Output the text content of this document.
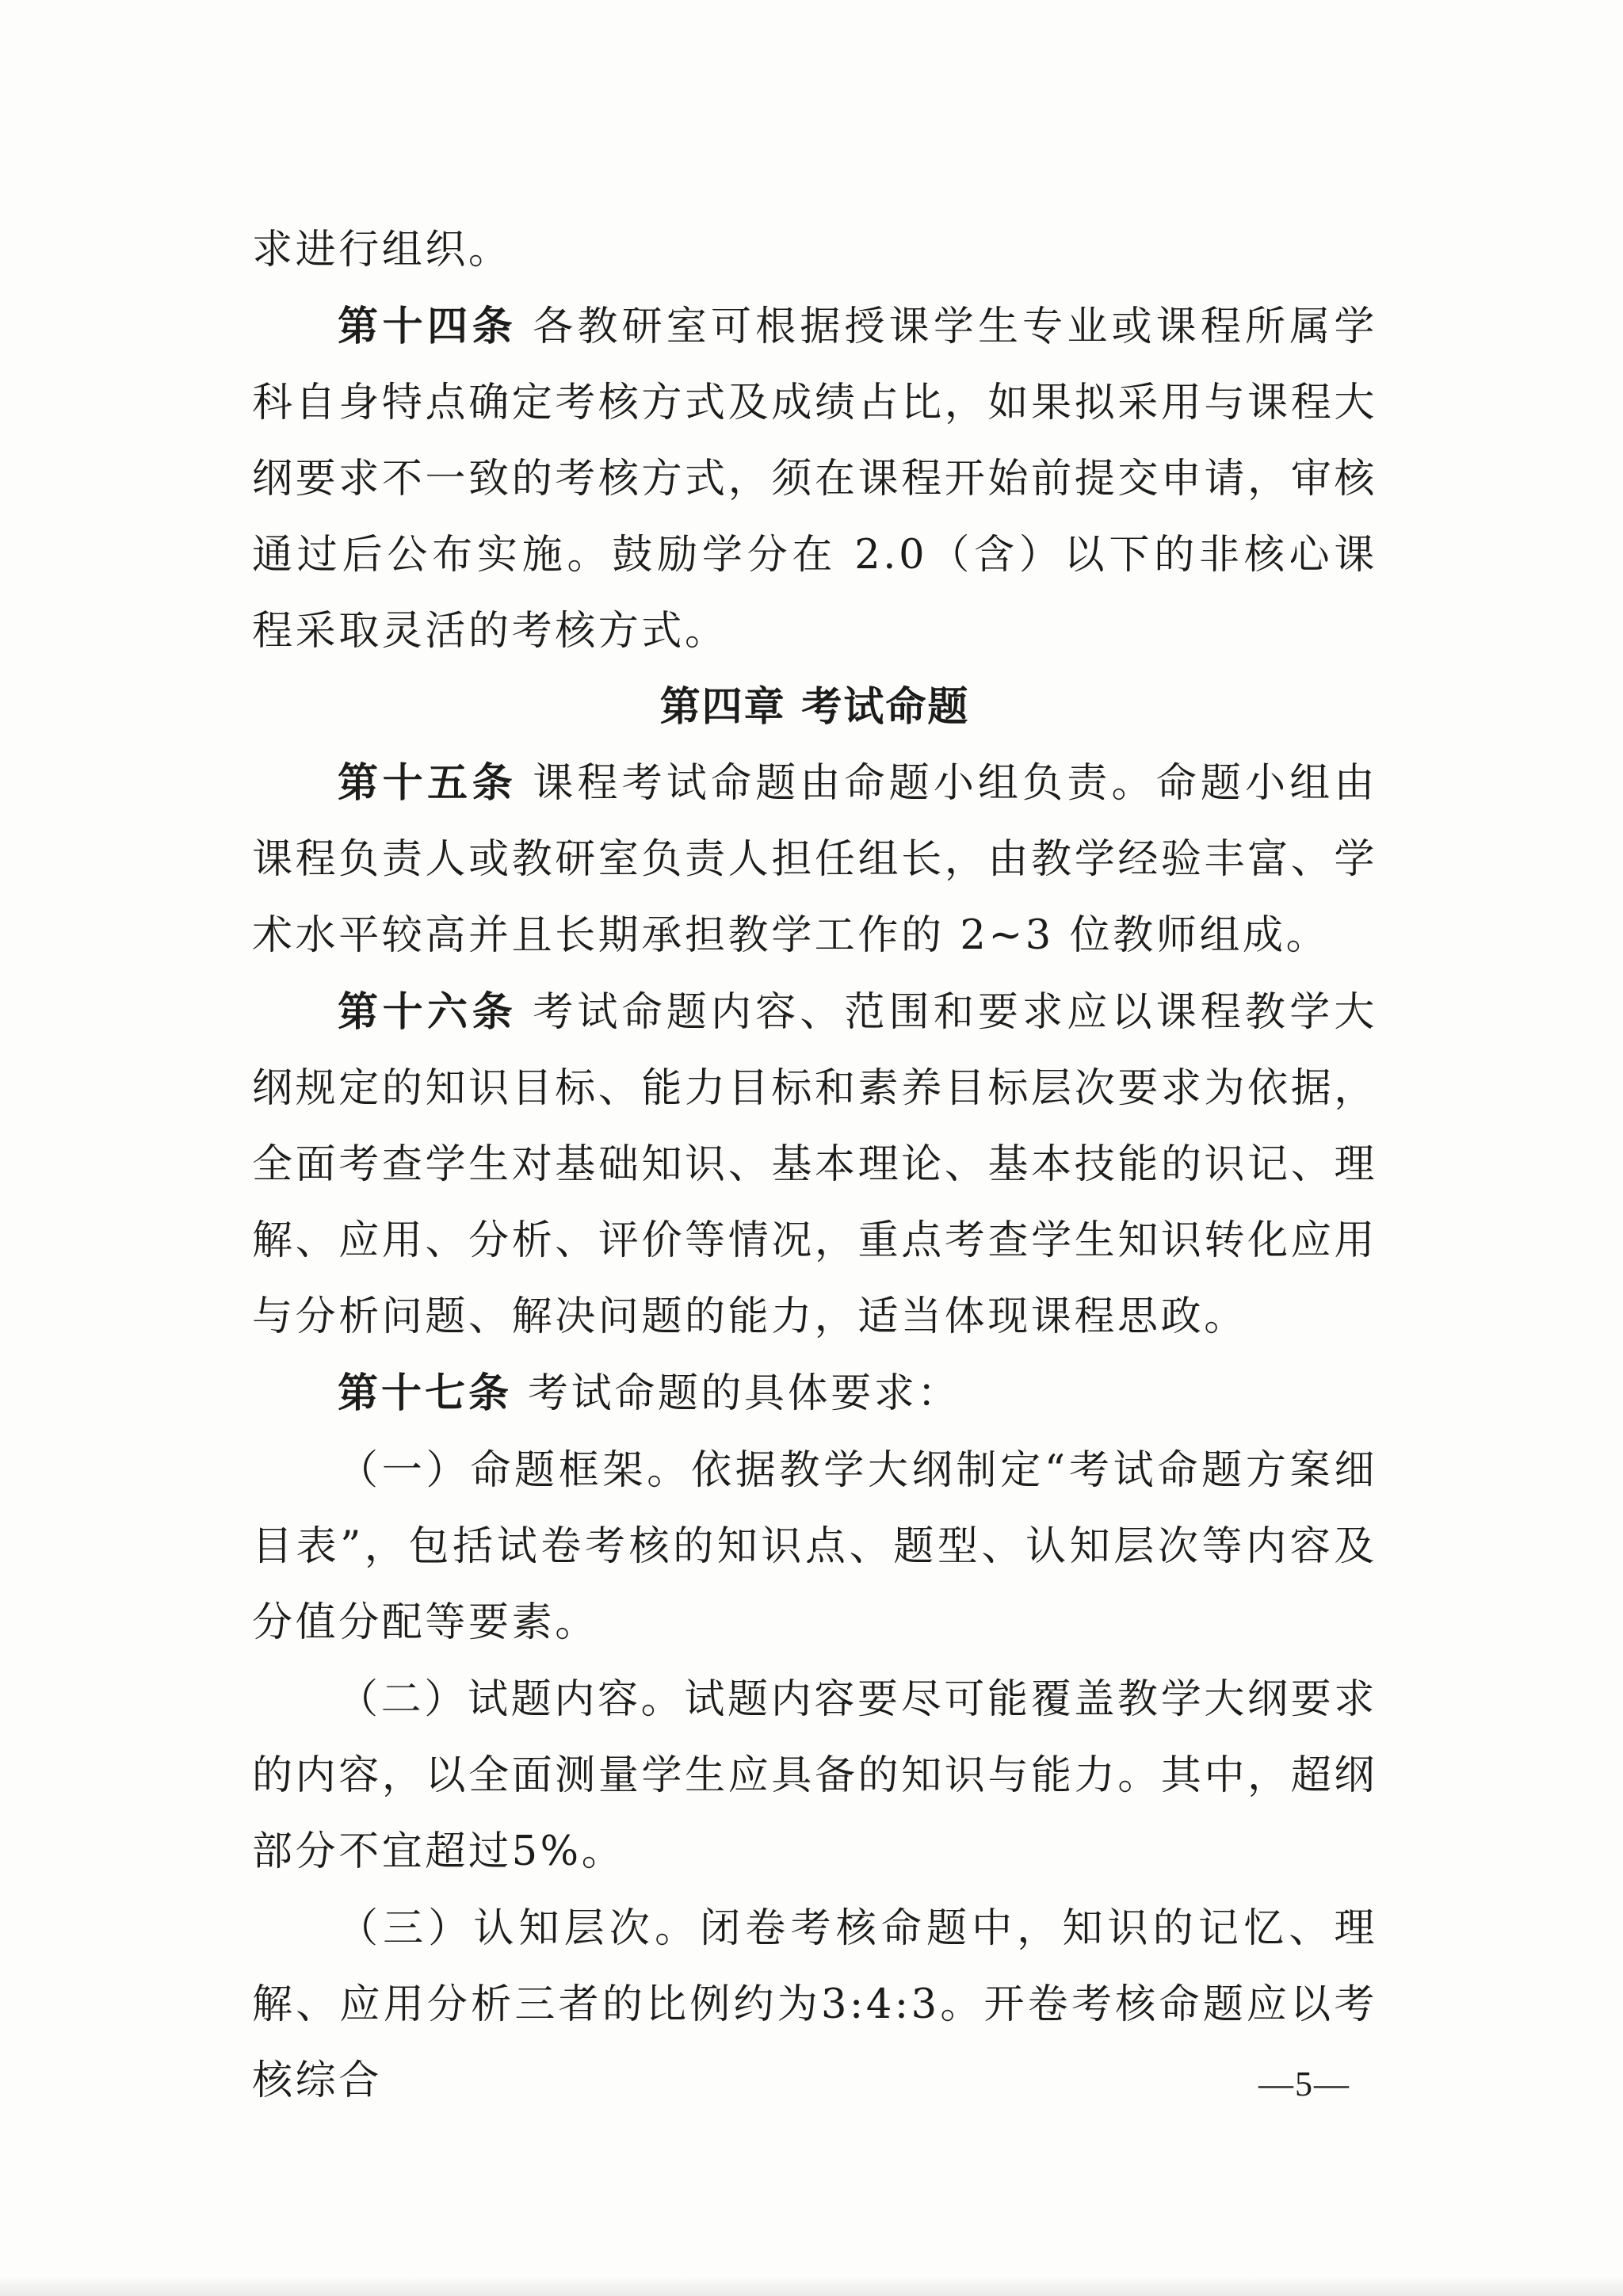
求进行组织。

第十四条 各教研室可根据授课学生专业或课程所属学科自身特点确定考核方式及成绩占比，如果拟采用与课程大纲要求不一致的考核方式，须在课程开始前提交申请，审核通过后公布实施。鼓励学分在 2.0（含）以下的非核心课程采取灵活的考核方式。

第四章 考试命题

第十五条 课程考试命题由命题小组负责。命题小组由课程负责人或教研室负责人担任组长，由教学经验丰富、学术水平较高并且长期承担教学工作的 2~3 位教师组成。

第十六条 考试命题内容、范围和要求应以课程教学大纲规定的知识目标、能力目标和素养目标层次要求为依据，全面考查学生对基础知识、基本理论、基本技能的识记、理解、应用、分析、评价等情况，重点考查学生知识转化应用与分析问题、解决问题的能力，适当体现课程思政。

第十七条 考试命题的具体要求：

（一）命题框架。依据教学大纲制定“考试命题方案细目表”，包括试卷考核的知识点、题型、认知层次等内容及分值分配等要素。

（二）试题内容。试题内容要尽可能覆盖教学大纲要求的内容，以全面测量学生应具备的知识与能力。其中，超纲部分不宜超过5%。

（三）认知层次。闭卷考核命题中，知识的记忆、理解、应用分析三者的比例约为3:4:3。开卷考核命题应以考核综合	—5—
